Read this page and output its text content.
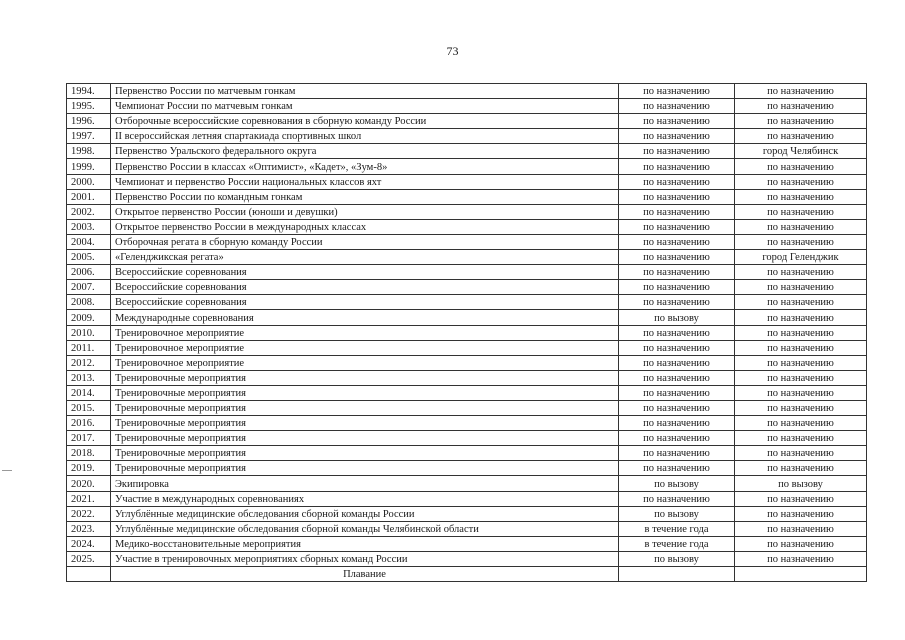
73
1994.	Первенство России по матчевым гонкам	по назначению	по назначению
1995.	Чемпионат России по матчевым гонкам	по назначению	по назначению
1996.	Отборочные всероссийские соревнования в сборную команду России	по назначению	по назначению
1997.	II всероссийская летняя спартакиада спортивных школ	по назначению	по назначению
1998.	Первенство Уральского федерального округа	по назначению	город Челябинск
1999.	Первенство России в классах «Оптимист», «Кадет», «Зум-8»	по назначению	по назначению
2000.	Чемпионат и первенство России национальных классов яхт	по назначению	по назначению
2001.	Первенство России по командным гонкам	по назначению	по назначению
2002.	Открытое первенство России (юноши и девушки)	по назначению	по назначению
2003.	Открытое первенство России в международных классах	по назначению	по назначению
2004.	Отборочная регата в сборную команду России	по назначению	по назначению
2005.	«Геленджикская регата»	по назначению	город Геленджик
2006.	Всероссийские соревнования	по назначению	по назначению
2007.	Всероссийские соревнования	по назначению	по назначению
2008.	Всероссийские соревнования	по назначению	по назначению
2009.	Международные соревнования	по вызову	по назначению
2010.	Тренировочное мероприятие	по назначению	по назначению
2011.	Тренировочное мероприятие	по назначению	по назначению
2012.	Тренировочное мероприятие	по назначению	по назначению
2013.	Тренировочные мероприятия	по назначению	по назначению
2014.	Тренировочные мероприятия	по назначению	по назначению
2015.	Тренировочные мероприятия	по назначению	по назначению
2016.	Тренировочные мероприятия	по назначению	по назначению
2017.	Тренировочные мероприятия	по назначению	по назначению
2018.	Тренировочные мероприятия	по назначению	по назначению
2019.	Тренировочные мероприятия	по назначению	по назначению
2020.	Экипировка	по вызову	по вызову
2021.	Участие в международных соревнованиях	по назначению	по назначению
2022.	Углублённые медицинские обследования сборной команды России	по вызову	по назначению
2023.	Углублённые медицинские обследования сборной команды Челябинской области	в течение года	по назначению
2024.	Медико-восстановительные мероприятия	в течение года	по назначению
2025.	Участие в тренировочных мероприятиях сборных команд России	по вызову	по назначению
	Плавание		
